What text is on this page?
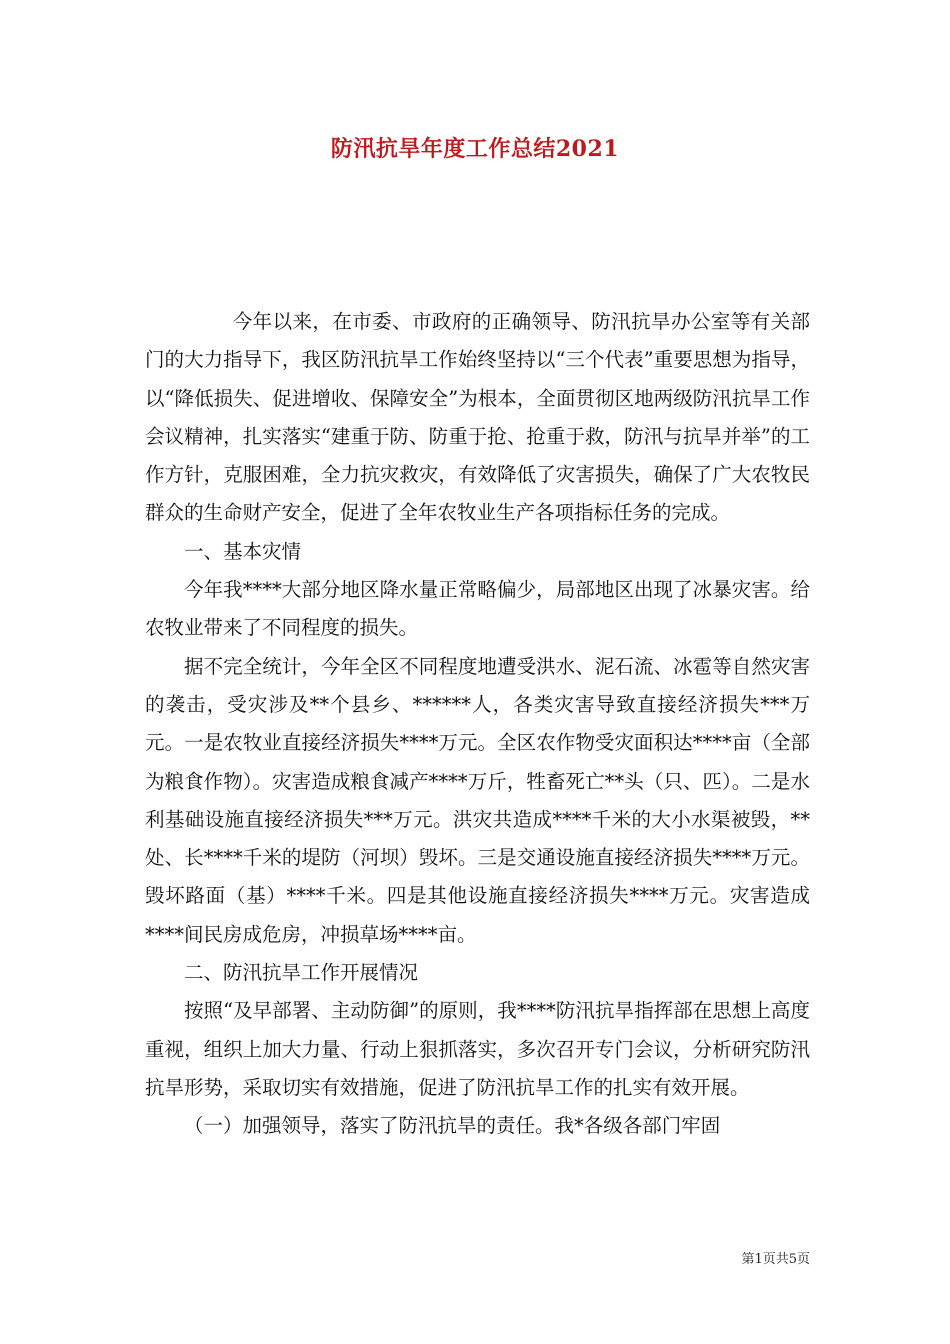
防汛抗旱年度工作总结2021

今年以来，在市委、市政府的正确领导、防汛抗旱办公室等有关部门的大力指导下，我区防汛抗旱工作始终坚持以“三个代表”重要思想为指导，以“降低损失、促进增收、保障安全”为根本，全面贯彻区地两级防汛抗旱工作会议精神，扎实落实“建重于防、防重于抢、抢重于救，防汛与抗旱并举”的工作方针，克服困难，全力抗灾救灾，有效降低了灾害损失，确保了广大农牧民群众的生命财产安全，促进了全年农牧业生产各项指标任务的完成。

一、基本灾情

今年我****大部分地区降水量正常略偏少，局部地区出现了冰暴灾害。给农牧业带来了不同程度的损失。

据不完全统计，今年全区不同程度地遭受洪水、泥石流、冰雹等自然灾害的袭击，受灾涉及**个县乡、******人，各类灾害导致直接经济损失***万元。一是农牧业直接经济损失****万元。全区农作物受灾面积达****亩（全部为粮食作物）。灾害造成粮食减产****万斤，牲畜死亡**头（只、匹）。二是水利基础设施直接经济损失***万元。洪灾共造成****千米的大小水渠被毁，**处、长****千米的堤防（河坝）毁坏。三是交通设施直接经济损失****万元。毁坏路面（基）****千米。四是其他设施直接经济损失****万元。灾害造成****间民房成危房，冲损草场****亩。

二、防汛抗旱工作开展情况

按照“及早部署、主动防御”的原则，我****防汛抗旱指挥部在思想上高度重视，组织上加大力量、行动上狠抓落实，多次召开专门会议，分析研究防汛抗旱形势，采取切实有效措施，促进了防汛抗旱工作的扎实有效开展。

（一）加强领导，落实了防汛抗旱的责任。我*各级各部门牢固

第1页共5页
